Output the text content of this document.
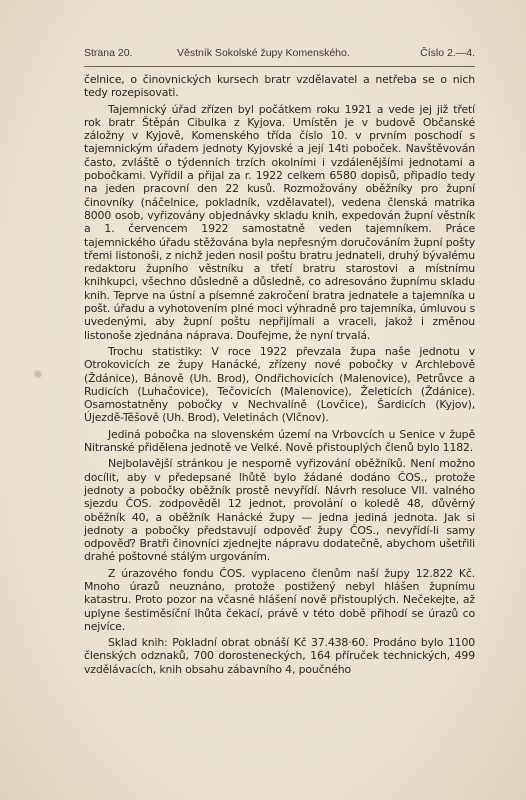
Strana 20.	Věstník Sokolské župy Komenského.	Číslo 2.—4.

čelnice, o činovnických kursech bratr vzdělavatel a netřeba se o nich tedy rozepisovati.

Tajemnický úřad zřízen byl počátkem roku 1921 a vede jej již třetí rok bratr Štěpán Cibulka z Kyjova. Umístěn je v budově Občanské záložny v Kyjově, Komenského třída číslo 10. v prvním poschodí s tajemnickým úřadem jednoty Kyjovské a její 14ti poboček. Navštěvován často, zvláště o týdenních trzích okolními i vzdálenějšími jednotami a pobočkami. Vyřídil a přijal za r. 1922 celkem 6580 dopisů, připadlo tedy na jeden pracovní den 22 kusů. Rozmožovány oběžníky pro župní činovníky (náčelnice, pokladník, vzdělavatel), vedena členská matrika 8000 osob, vyřizovány objednávky skladu knih, expedován župní věstník a 1. červencem 1922 samostatně veden tajemníkem. Práce tajemnického úřadu stěžována byla nepřesným doručováním župní pošty třemi listonoši, z nichž jeden nosil poštu bratru jednateli, druhý bývalému redaktoru župního věstníku a třetí bratru starostovi a místnímu knihkupci, všechno důsledně a důsledně, co adresováno župnímu skladu knih. Teprve na ústní a písemné zakročení bratra jednatele a tajemníka u pošt. úřadu a vyhotovením plné moci výhradně pro tajemníka, úmluvou s uvedenými, aby župní poštu nepřijímali a vraceli, jakož i změnou listonoše zjednána náprava. Doufejme, že nyní trvalá.

Trochu statistiky: V roce 1922 převzala župa naše jednotu v Otrokovicích ze župy Hanácké, zřízeny nové pobočky v Archlebově (Ždánice), Bánově (Uh. Brod), Ondřichovicích (Malenovice), Petrůvce a Rudicích (Luhačovice), Tečovicích (Malenovice), Želeticích (Ždánice). Osamostatněny pobočky v Nechvalíně (Lovčice), Šardicích (Kyjov), Újezdě-Těšově (Uh. Brod), Veletinách (Vlčnov).

Jediná pobočka na slovenském území na Vrbovcích u Senice v župě Nitranské přidělena jednotě ve Velké. Nově přistouplých členů bylo 1182.

Nejbolavější stránkou je nesporně vyřizování oběžníků. Není možno docílit, aby v předepsané lhůtě bylo žádané dodáno ČOS., protože jednoty a pobočky oběžník prostě nevyřídí. Návrh resoluce VII. valného sjezdu ČOS. zodpověděl 12 jednot, provolání o koledě 48, důvěrný oběžník 40, a oběžník Hanácké župy — jedna jediná jednota. Jak si jednoty a pobočky představují odpověď župy ČOS., nevyřídí-li samy odpověď? Bratři činovníci zjednejte nápravu dodatečně, abychom ušetřili drahé poštovné stálým urgováním.

Z úrazového fondu ČOS. vyplaceno členům naší župy 12.822 Kč. Mnoho úrazů neuznáno, protože postižený nebyl hlášen župnímu katastru. Proto pozor na včasné hlášení nově přistouplých. Nečekejte, až uplyne šestiměsíční lhůta čekací, právě v této době přihodí se úrazů co nejvíce.

Sklad knih: Pokladní obrat obnáší Kč 37.438·60. Prodáno bylo 1100 členských odznaků, 700 dorosteneckých, 164 příruček technických, 499 vzdělávacích, knih obsahu zábavního 4, poučného
